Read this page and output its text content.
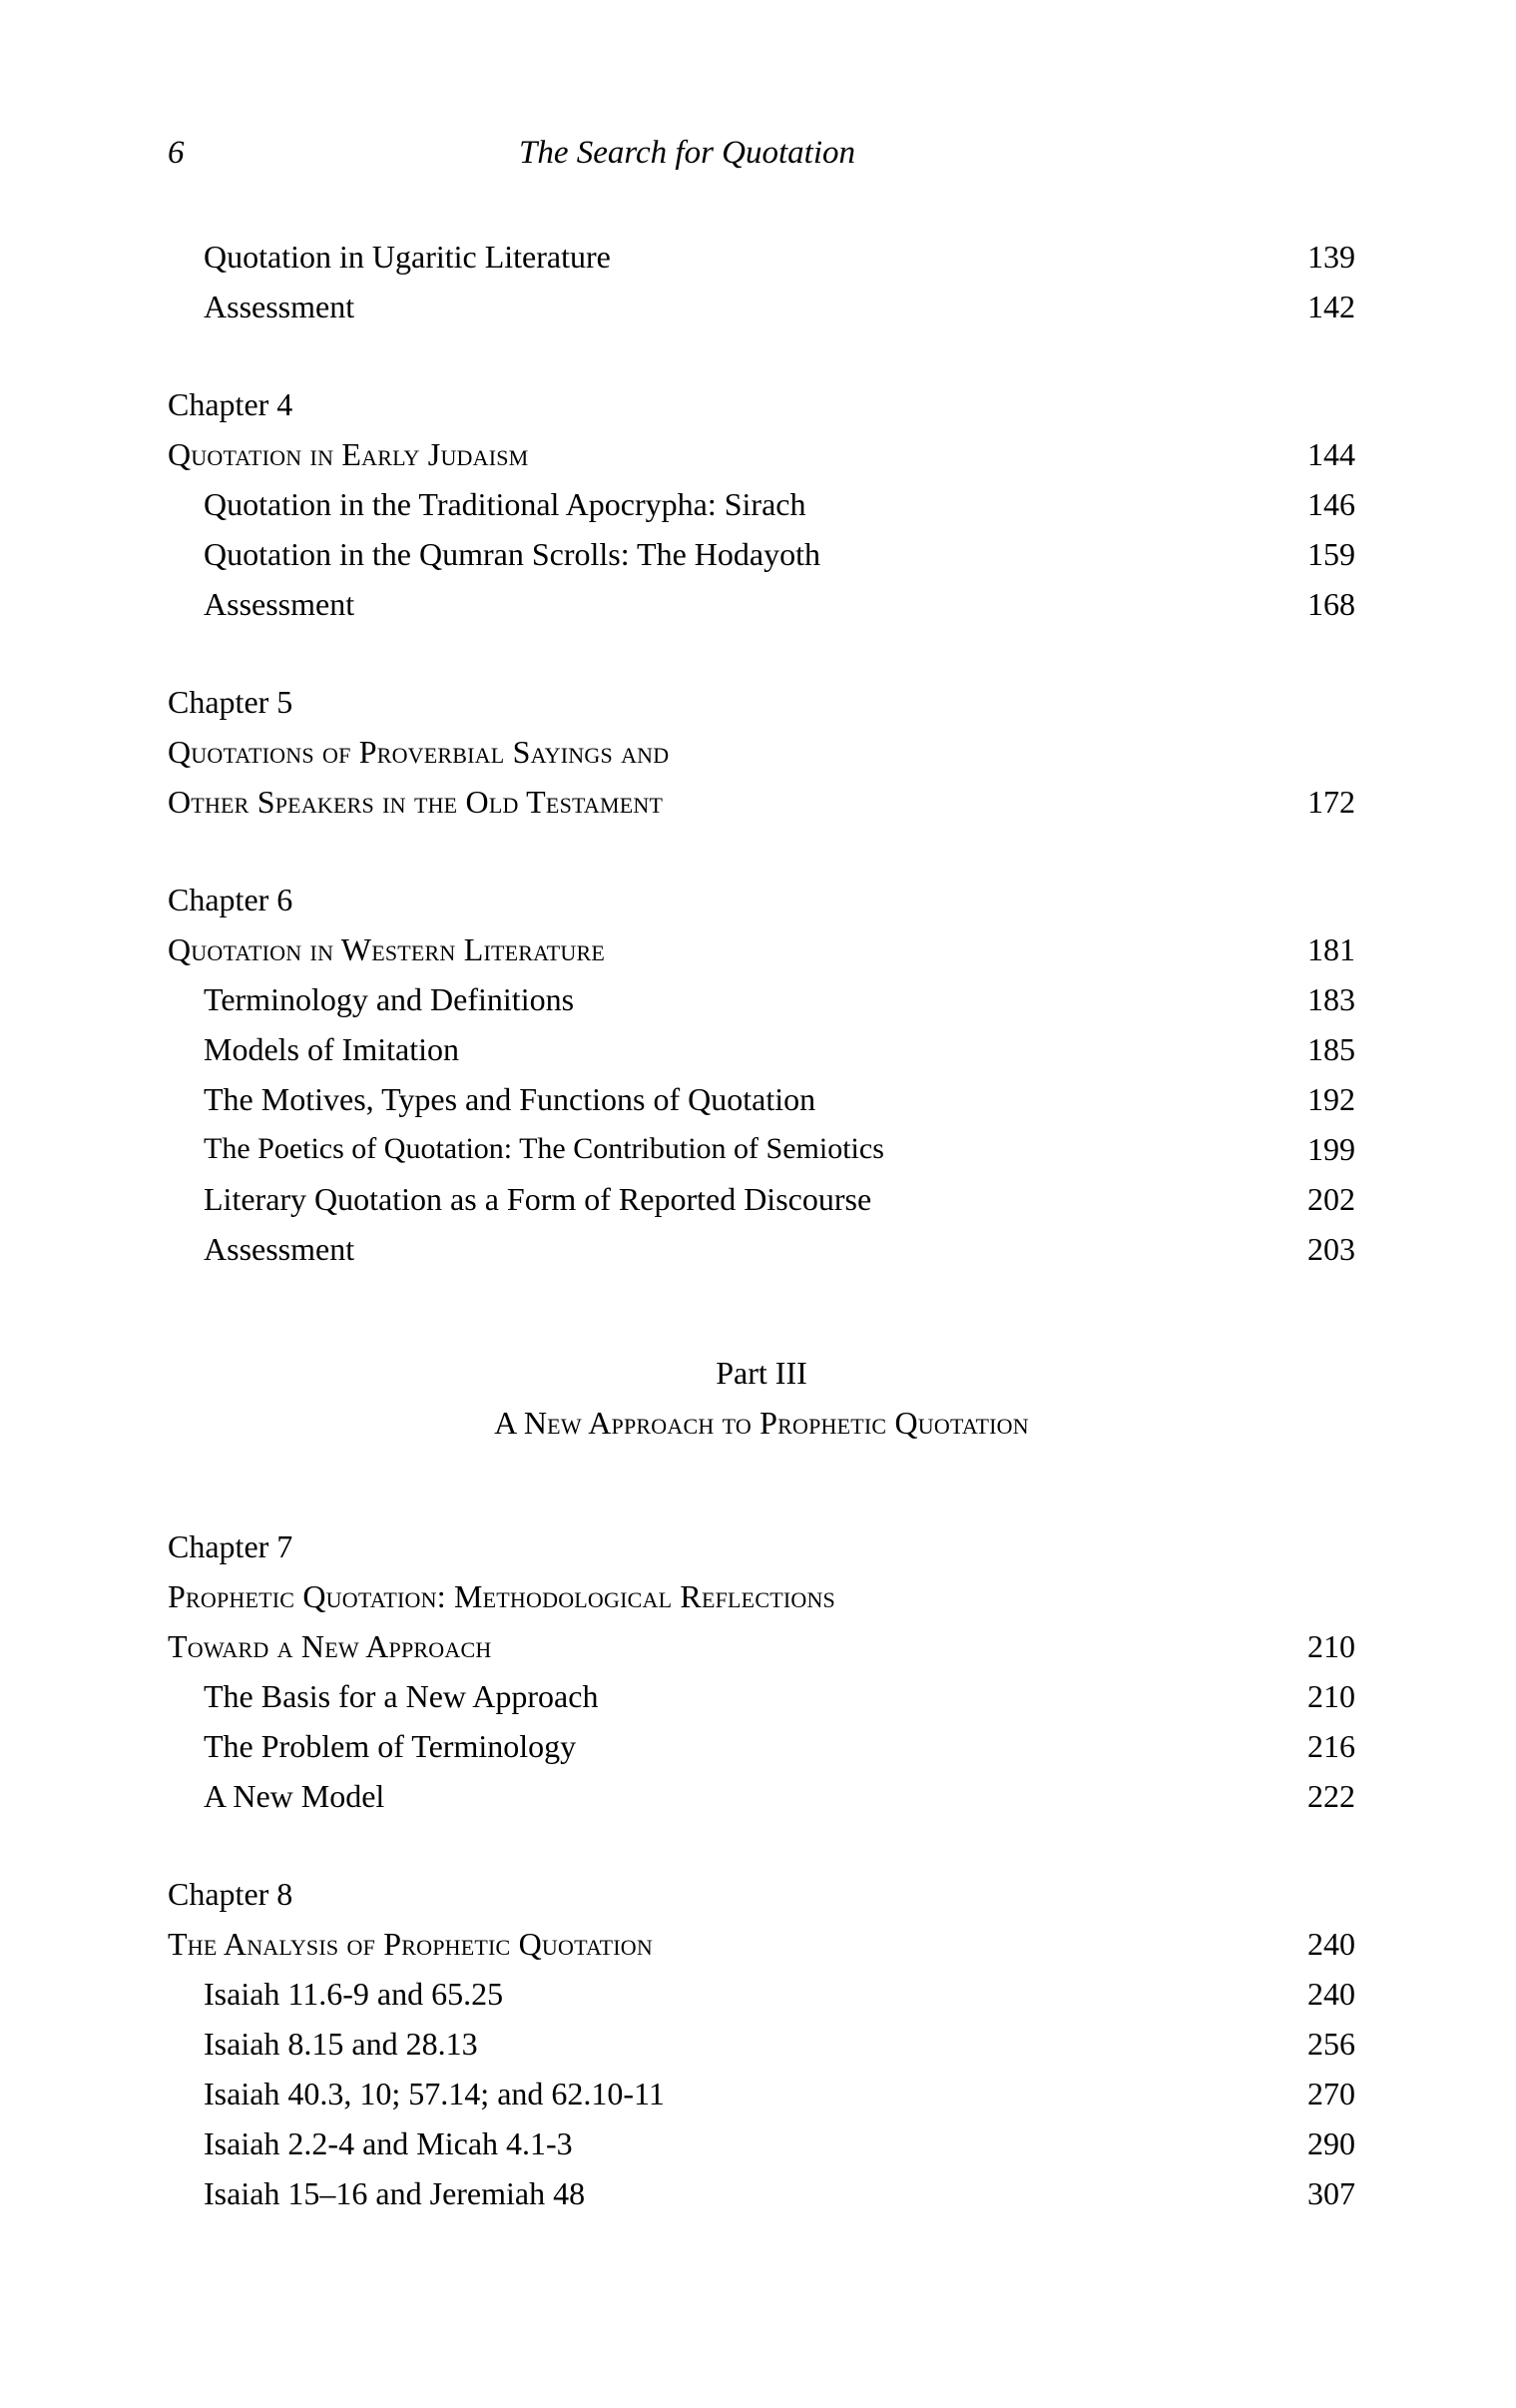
6	The Search for Quotation
Quotation in Ugaritic Literature	139
Assessment	142
Chapter 4
Quotation in Early Judaism	144
Quotation in the Traditional Apocrypha: Sirach	146
Quotation in the Qumran Scrolls: The Hodayoth	159
Assessment	168
Chapter 5
Quotations of Proverbial Sayings and
Other Speakers in the Old Testament	172
Chapter 6
Quotation in Western Literature	181
Terminology and Definitions	183
Models of Imitation	185
The Motives, Types and Functions of Quotation	192
The Poetics of Quotation: The Contribution of Semiotics	199
Literary Quotation as a Form of Reported Discourse	202
Assessment	203
Part III
A New Approach to Prophetic Quotation
Chapter 7
Prophetic Quotation: Methodological Reflections
Toward a New Approach	210
The Basis for a New Approach	210
The Problem of Terminology	216
A New Model	222
Chapter 8
The Analysis of Prophetic Quotation	240
Isaiah 11.6-9 and 65.25	240
Isaiah 8.15 and 28.13	256
Isaiah 40.3, 10; 57.14; and 62.10-11	270
Isaiah 2.2-4 and Micah 4.1-3	290
Isaiah 15–16 and Jeremiah 48	307
